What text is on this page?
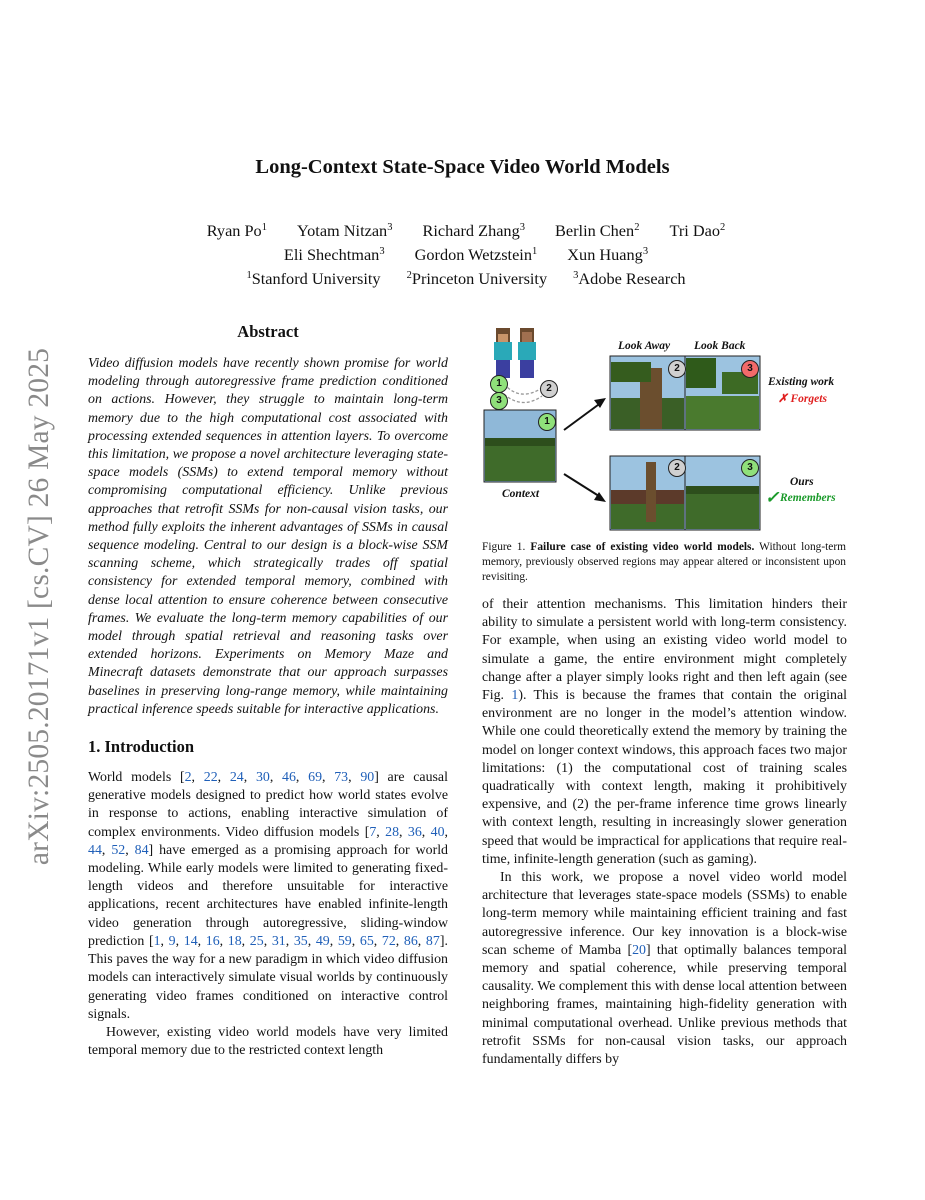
arXiv:2505.20171v1 [cs.CV] 26 May 2025
Long-Context State-Space Video World Models
Ryan Po$^1$ Yotam Nitzan$^3$ Richard Zhang$^3$ Berlin Chen$^2$ Tri Dao$^2$
Eli Shechtman$^3$ Gordon Wetzstein$^1$ Xun Huang$^3$
$^1$Stanford University $^2$Princeton University $^3$Adobe Research
Abstract

Video diffusion models have recently shown promise for world modeling through autoregressive frame prediction conditioned on actions. However, they struggle to maintain long-term memory due to the high computational cost associated with processing extended sequences in attention layers. To overcome this limitation, we propose a novel architecture leveraging state-space models (SSMs) to extend temporal memory without compromising computational efficiency. Unlike previous approaches that retrofit SSMs for non-causal vision tasks, our method fully exploits the inherent advantages of SSMs in causal sequence modeling. Central to our design is a block-wise SSM scanning scheme, which strategically trades off spatial consistency for extended temporal memory, combined with dense local attention to ensure coherence between consecutive frames. We evaluate the long-term memory capabilities of our model through spatial retrieval and reasoning tasks over extended horizons. Experiments on Memory Maze and Minecraft datasets demonstrate that our approach surpasses baselines in preserving long-range memory, while maintaining practical inference speeds suitable for interactive applications.

1. Introduction

World models [2, 22, 24, 30, 46, 69, 73, 90] are causal generative models designed to predict how world states evolve in response to actions, enabling interactive simulation of complex environments. Video diffusion models [7, 28, 36, 40, 44, 52, 84] have emerged as a promising approach for world modeling. While early models were limited to generating fixed-length videos and therefore unsuitable for interactive applications, recent architectures have enabled infinite-length video generation through autoregressive, sliding-window prediction [1, 9, 14, 16, 18, 25, 31, 35, 49, 59, 65, 72, 86, 87]. This paves the way for a new paradigm in which video diffusion models can interactively simulate visual worlds by continuously generating video frames conditioned on interactive control signals.

However, existing video world models have very limited temporal memory due to the restricted context length

1
3
2
1
2	3
2	3
Look Away Look Back
Context
Existing work
✗ Forgets
Ours
✓ Remembers
Figure 1. Failure case of existing video world models. Without long-term memory, previously observed regions may appear altered or inconsistent upon revisiting.

of their attention mechanisms. This limitation hinders their ability to simulate a persistent world with long-term consistency. For example, when using an existing video world model to simulate a game, the entire environment might completely change after a player simply looks right and then left again (see Fig. 1). This is because the frames that contain the original environment are no longer in the model’s attention window. While one could theoretically extend the memory by training the model on longer context windows, this approach faces two major limitations: (1) the computational cost of training scales quadratically with context length, making it prohibitively expensive, and (2) the per-frame inference time grows linearly with context length, resulting in increasingly slower generation speed that would be impractical for applications that require real-time, infinite-length generation (such as gaming).

In this work, we propose a novel video world model architecture that leverages state-space models (SSMs) to enable long-term memory while maintaining efficient training and fast autoregressive inference. Our key innovation is a block-wise scan scheme of Mamba [20] that optimally balances temporal memory and spatial coherence, while preserving temporal causality. We complement this with dense local attention between neighboring frames, maintaining high-fidelity generation with minimal computational overhead. Unlike previous methods that retrofit SSMs for non-causal vision tasks, our approach fundamentally differs by
